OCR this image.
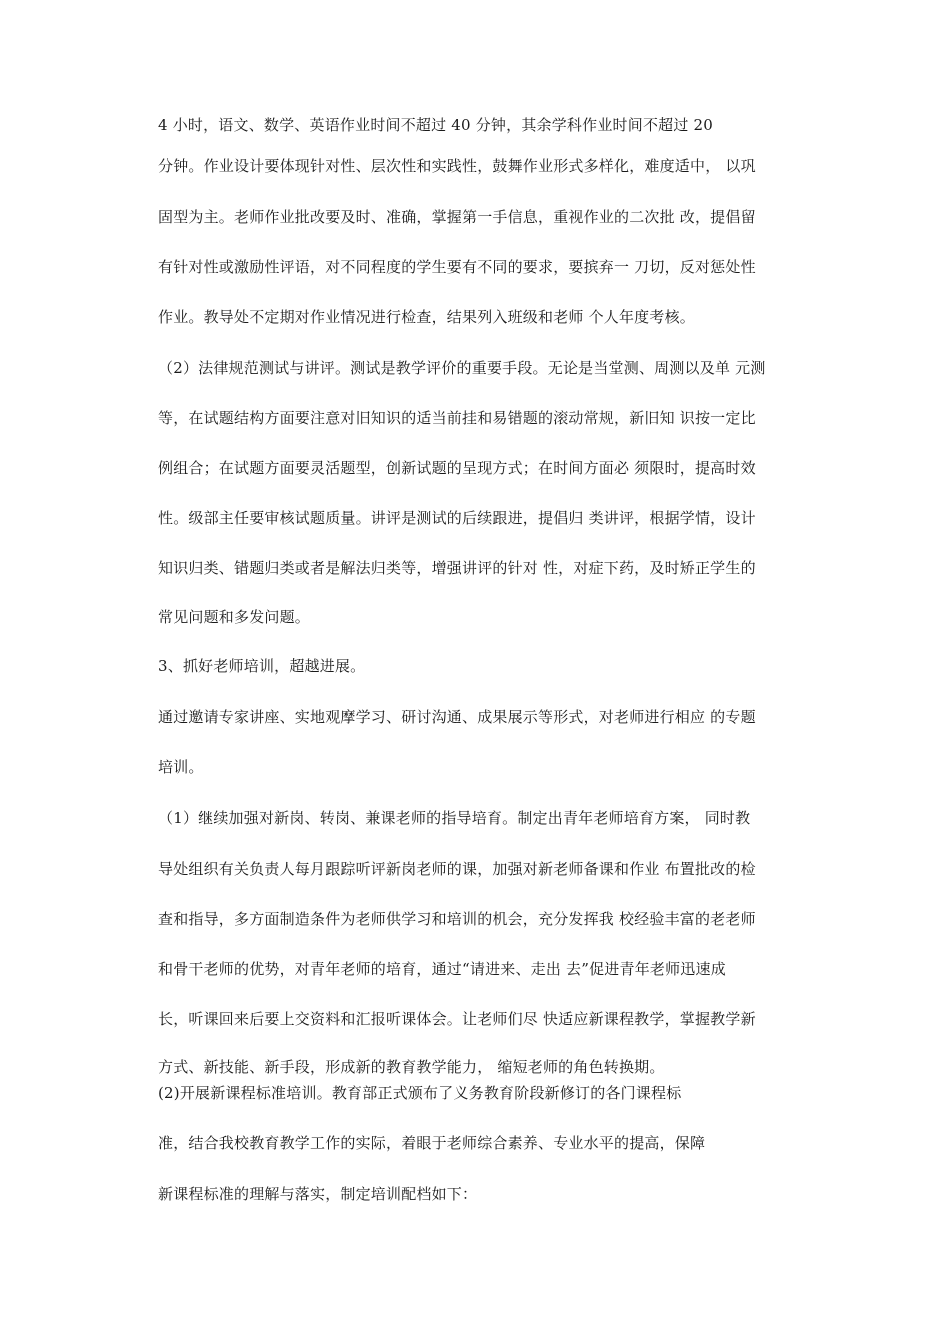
4 小时，语文、数学、英语作业时间不超过 40 分钟，其余学科作业时间不超过 20
分钟。作业设计要体现针对性、层次性和实践性，鼓舞作业形式多样化，难度适中， 以巩
固型为主。老师作业批改要及时、准确，掌握第一手信息，重视作业的二次批 改，提倡留
有针对性或激励性评语，对不同程度的学生要有不同的要求，要摈弃一 刀切，反对惩处性
作业。教导处不定期对作业情况进行检查，结果列入班级和老师 个人年度考核。
（2）法律规范测试与讲评。测试是教学评价的重要手段。无论是当堂测、周测以及单 元测
等，在试题结构方面要注意对旧知识的适当前挂和易错题的滚动常规，新旧知 识按一定比
例组合；在试题方面要灵活题型，创新试题的呈现方式；在时间方面必 须限时，提高时效
性。级部主任要审核试题质量。讲评是测试的后续跟进，提倡归 类讲评，根据学情，设计
知识归类、错题归类或者是解法归类等，增强讲评的针对 性，对症下药，及时矫正学生的
常见问题和多发问题。
3、抓好老师培训，超越进展。
通过邀请专家讲座、实地观摩学习、研讨沟通、成果展示等形式，对老师进行相应 的专题
培训。
（1）继续加强对新岗、转岗、兼课老师的指导培育。制定出青年老师培育方案， 同时教
导处组织有关负责人每月跟踪听评新岗老师的课，加强对新老师备课和作业 布置批改的检
查和指导，多方面制造条件为老师供学习和培训的机会，充分发挥我 校经验丰富的老老师
和骨干老师的优势，对青年老师的培育，通过“请进来、走出 去”促进青年老师迅速成
长，听课回来后要上交资料和汇报听课体会。让老师们尽 快适应新课程教学，掌握教学新
方式、新技能、新手段，形成新的教育教学能力， 缩短老师的角色转换期。
(2)开展新课程标准培训。教育部正式颁布了义务教育阶段新修订的各门课程标
准，结合我校教育教学工作的实际，着眼于老师综合素养、专业水平的提高，保障
新课程标准的理解与落实，制定培训配档如下：
